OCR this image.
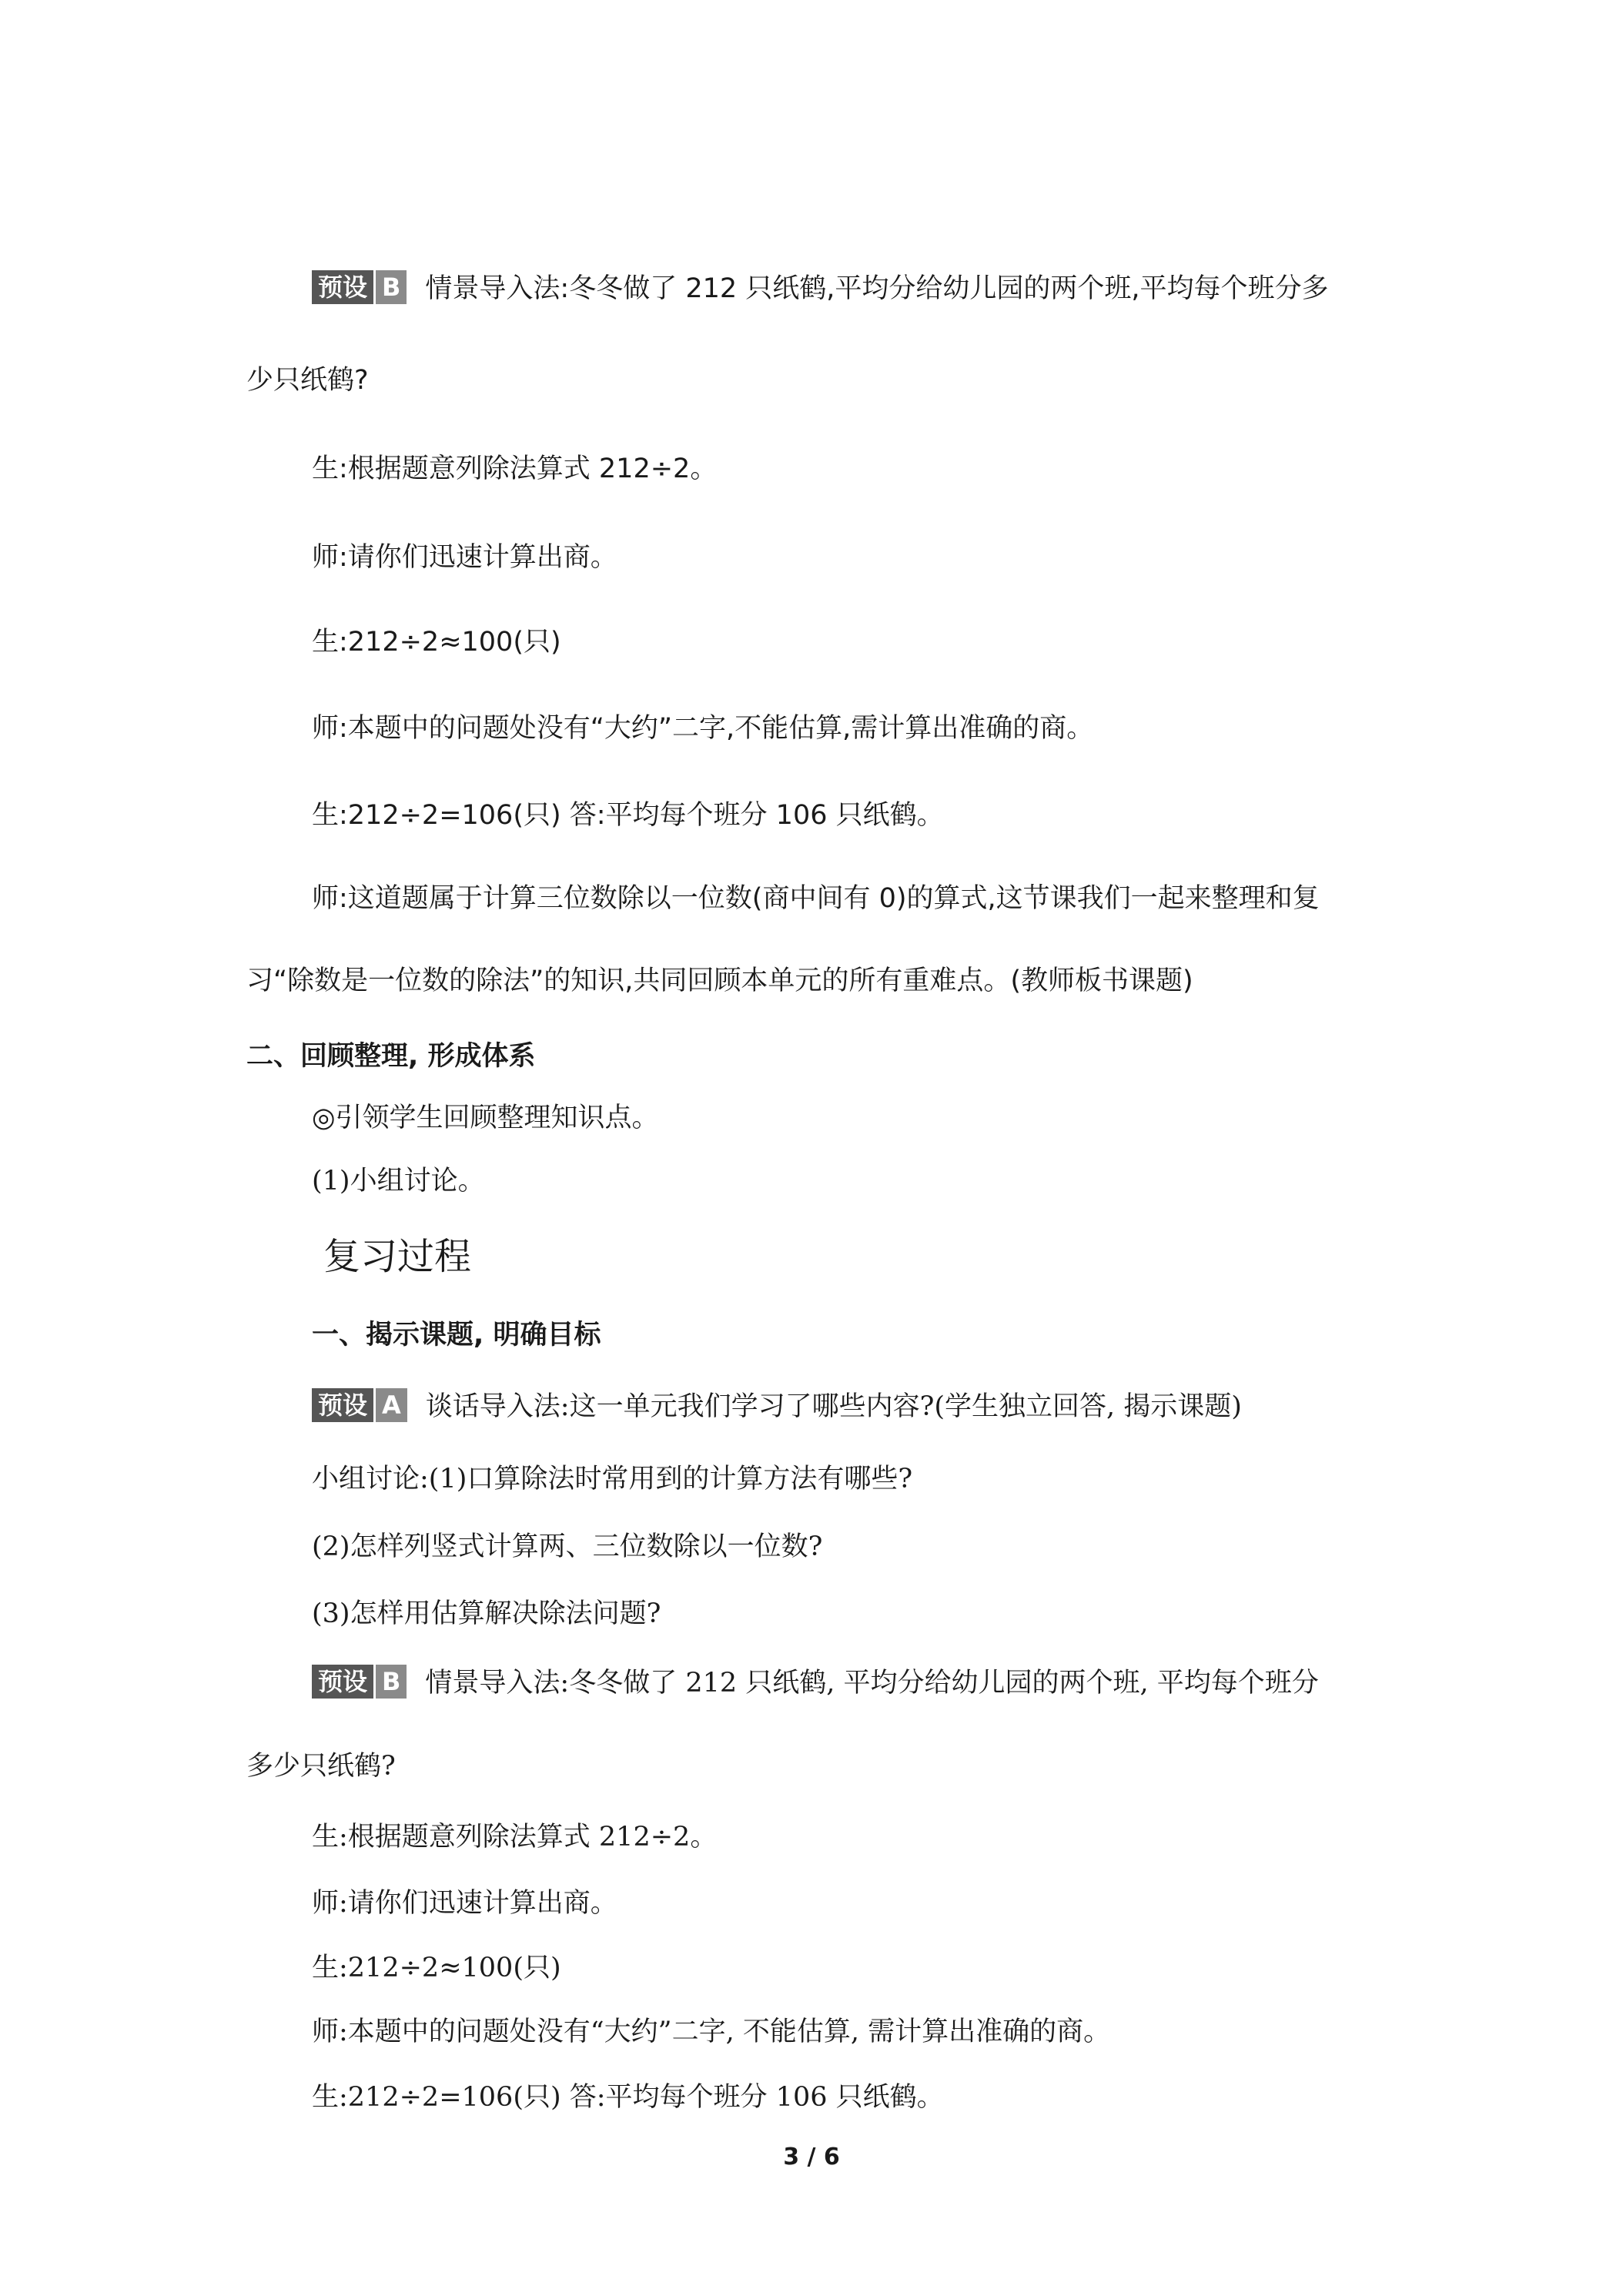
预设 B 情景导入法:冬冬做了 212 只纸鹤,平均分给幼儿园的两个班,平均每个班分多
少只纸鹤?
生:根据题意列除法算式 212÷2。
师:请你们迅速计算出商。
生:212÷2≈100(只)
师:本题中的问题处没有“大约”二字,不能估算,需计算出准确的商。
生:212÷2=106(只) 答:平均每个班分 106 只纸鹤。
师:这道题属于计算三位数除以一位数(商中间有 0)的算式,这节课我们一起来整理和复
习“除数是一位数的除法”的知识,共同回顾本单元的所有重难点。(教师板书课题)
二、回顾整理, 形成体系
◎引领学生回顾整理知识点。
(1)小组讨论。
复习过程
一、揭示课题, 明确目标
预设 A 谈话导入法:这一单元我们学习了哪些内容?(学生独立回答, 揭示课题)
小组讨论:(1)口算除法时常用到的计算方法有哪些?
(2)怎样列竖式计算两、三位数除以一位数?
(3)怎样用估算解决除法问题?
预设 B 情景导入法:冬冬做了 212 只纸鹤, 平均分给幼儿园的两个班, 平均每个班分
多少只纸鹤?
生:根据题意列除法算式 212÷2。
师:请你们迅速计算出商。
生:212÷2≈100(只)
师:本题中的问题处没有“大约”二字, 不能估算, 需计算出准确的商。
生:212÷2=106(只) 答:平均每个班分 106 只纸鹤。
3 / 6
